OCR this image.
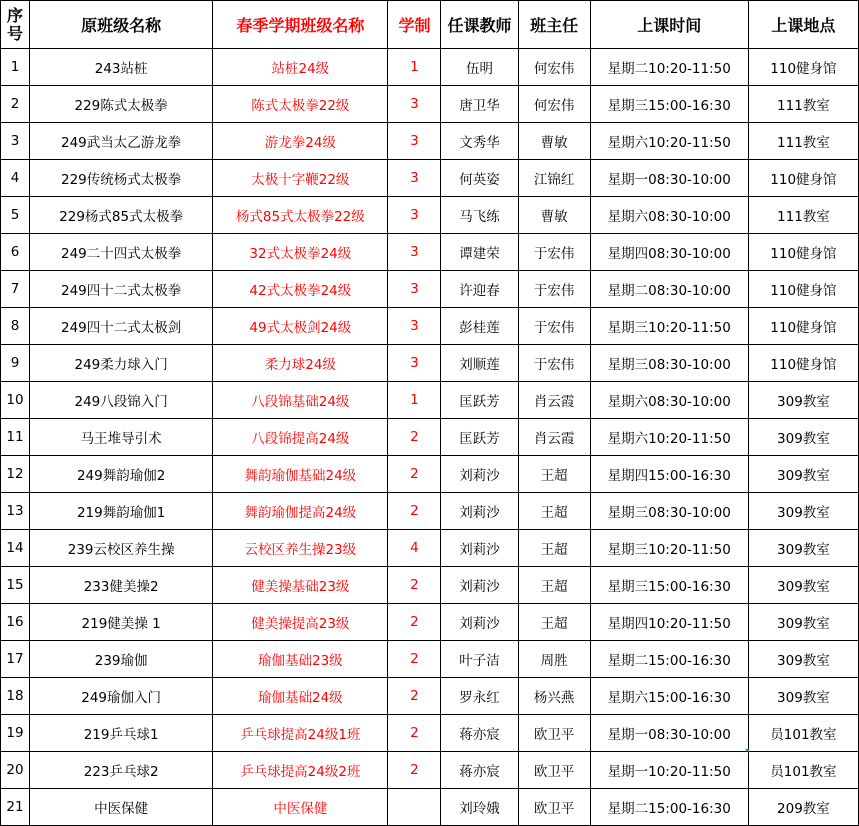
序号	原班级名称	春季学期班级名称	学制	任课教师	班主任	上课时间	上课地点
1	243站桩	站桩24级	1	伍明	何宏伟	星期二10:20-11:50	110健身馆
2	229陈式太极拳	陈式太极拳22级	3	唐卫华	何宏伟	星期三15:00-16:30	111教室
3	249武当太乙游龙拳	游龙拳24级	3	文秀华	曹敏	星期六10:20-11:50	111教室
4	229传统杨式太极拳	太极十字鞭22级	3	何英姿	江锦红	星期一08:30-10:00	110健身馆
5	229杨式85式太极拳	杨式85式太极拳22级	3	马飞练	曹敏	星期六08:30-10:00	111教室
6	249二十四式太极拳	32式太极拳24级	3	谭建荣	于宏伟	星期四08:30-10:00	110健身馆
7	249四十二式太极拳	42式太极拳24级	3	许迎春	于宏伟	星期二08:30-10:00	110健身馆
8	249四十二式太极剑	49式太极剑24级	3	彭桂莲	于宏伟	星期三10:20-11:50	110健身馆
9	249柔力球入门	柔力球24级	3	刘顺莲	于宏伟	星期三08:30-10:00	110健身馆
10	249八段锦入门	八段锦基础24级	1	匡跃芳	肖云霞	星期六08:30-10:00	309教室
11	马王堆导引术	八段锦提高24级	2	匡跃芳	肖云霞	星期六10:20-11:50	309教室
12	249舞韵瑜伽2	舞韵瑜伽基础24级	2	刘莉沙	王超	星期四15:00-16:30	309教室
13	219舞韵瑜伽1	舞韵瑜伽提高24级	2	刘莉沙	王超	星期三08:30-10:00	309教室
14	239云校区养生操	云校区养生操23级	4	刘莉沙	王超	星期三10:20-11:50	309教室
15	233健美操2	健美操基础23级	2	刘莉沙	王超	星期三15:00-16:30	309教室
16	219健美操 1	健美操提高23级	2	刘莉沙	王超	星期四10:20-11:50	309教室
17	239瑜伽	瑜伽基础23级	2	叶子洁	周胜	星期二15:00-16:30	309教室
18	249瑜伽入门	瑜伽基础24级	2	罗永红	杨兴燕	星期六15:00-16:30	309教室
19	219乒乓球1	乒乓球提高24级1班	2	蒋亦宸	欧卫平	星期一08:30-10:00	员101教室
20	223乒乓球2	乒乓球提高24级2班	2	蒋亦宸	欧卫平	星期一10:20-11:50	员101教室
21	中医保健	中医保健		刘玲娥	欧卫平	星期二15:00-16:30	209教室
